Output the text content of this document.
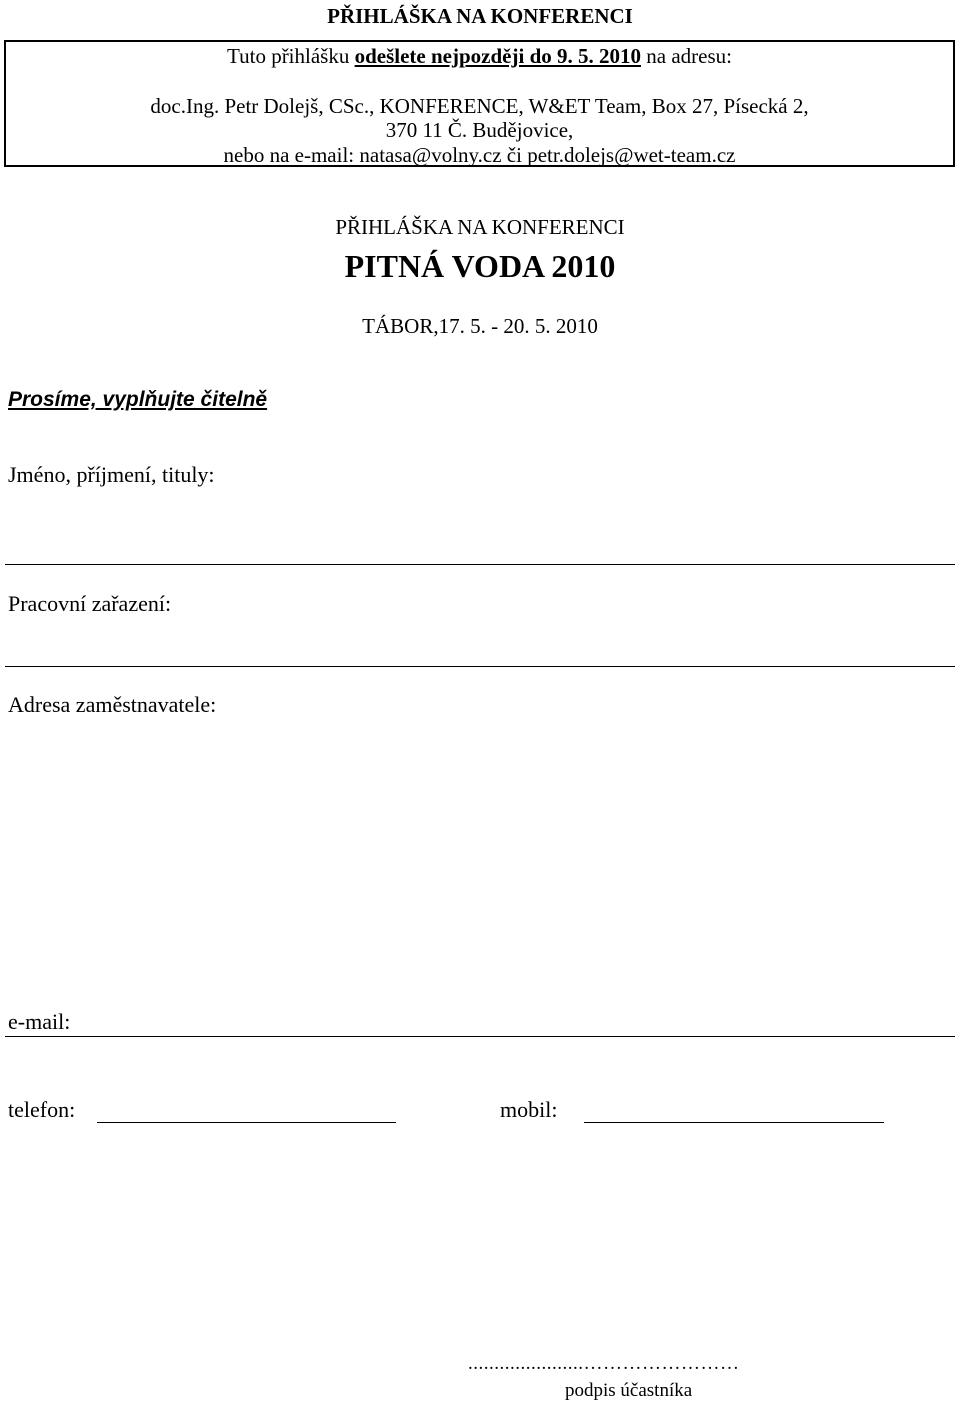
PŘIHLÁŠKA NA KONFERENCI
Tuto přihlášku odešlete nejpozději do 9. 5. 2010 na adresu:
doc.Ing. Petr Dolejš, CSc., KONFERENCE, W&ET Team, Box 27, Písecká 2,
370 11 Č. Budějovice,
nebo na e-mail: natasa@volny.cz či petr.dolejs@wet-team.cz
PŘIHLÁŠKA NA KONFERENCI
PITNÁ VODA 2010
TÁBOR,17. 5. - 20. 5. 2010
Prosíme, vyplňujte čitelně
Jméno, příjmení, tituly:
Pracovní zařazení:
Adresa zaměstnavatele:
e-mail:
telefon:	mobil:
......................……………………
podpis účastníka
